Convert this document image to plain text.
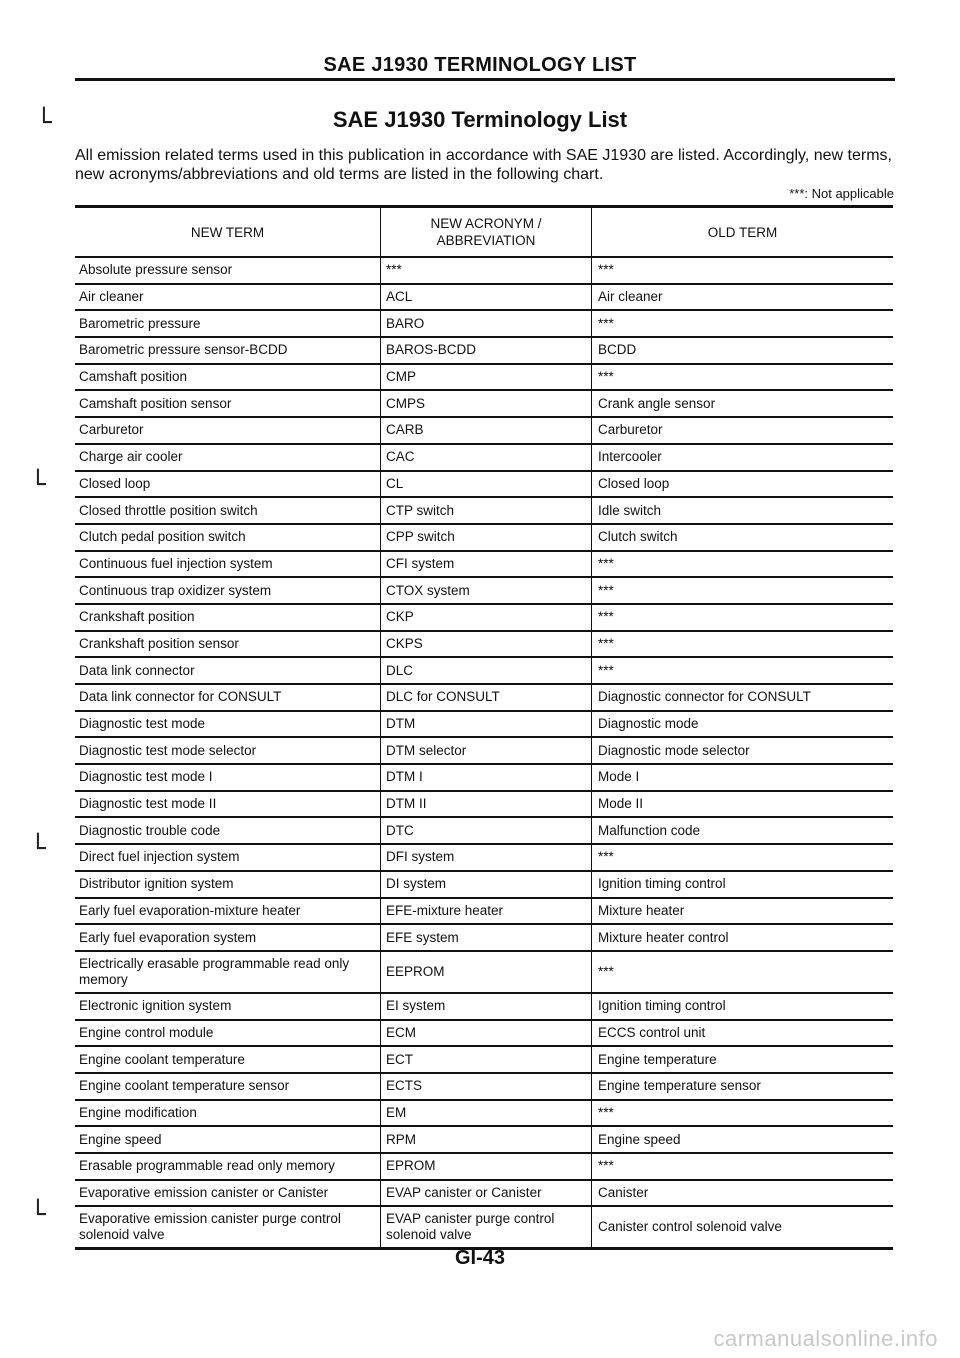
SAE J1930 TERMINOLOGY LIST
└	SAE J1930 Terminology List
All emission related terms used in this publication in accordance with SAE J1930 are listed. Accordingly, new terms, new acronyms/abbreviations and old terms are listed in the following chart.
***: Not applicable
└
└
└
NEW TERM	NEW ACRONYM / ABBREVIATION	OLD TERM
Absolute pressure sensor	***	***
Air cleaner	ACL	Air cleaner
Barometric pressure	BARO	***
Barometric pressure sensor-BCDD	BAROS-BCDD	BCDD
Camshaft position	CMP	***
Camshaft position sensor	CMPS	Crank angle sensor
Carburetor	CARB	Carburetor
Charge air cooler	CAC	Intercooler
Closed loop	CL	Closed loop
Closed throttle position switch	CTP switch	Idle switch
Clutch pedal position switch	CPP switch	Clutch switch
Continuous fuel injection system	CFI system	***
Continuous trap oxidizer system	CTOX system	***
Crankshaft position	CKP	***
Crankshaft position sensor	CKPS	***
Data link connector	DLC	***
Data link connector for CONSULT	DLC for CONSULT	Diagnostic connector for CONSULT
Diagnostic test mode	DTM	Diagnostic mode
Diagnostic test mode selector	DTM selector	Diagnostic mode selector
Diagnostic test mode I	DTM I	Mode I
Diagnostic test mode II	DTM II	Mode II
Diagnostic trouble code	DTC	Malfunction code
Direct fuel injection system	DFI system	***
Distributor ignition system	DI system	Ignition timing control
Early fuel evaporation-mixture heater	EFE-mixture heater	Mixture heater
Early fuel evaporation system	EFE system	Mixture heater control
Electrically erasable programmable read only memory	EEPROM	***
Electronic ignition system	EI system	Ignition timing control
Engine control module	ECM	ECCS control unit
Engine coolant temperature	ECT	Engine temperature
Engine coolant temperature sensor	ECTS	Engine temperature sensor
Engine modification	EM	***
Engine speed	RPM	Engine speed
Erasable programmable read only memory	EPROM	***
Evaporative emission canister or Canister	EVAP canister or Canister	Canister
Evaporative emission canister purge control solenoid valve	EVAP canister purge control solenoid valve	Canister control solenoid valve
GI-43
carmanualsonline.info
